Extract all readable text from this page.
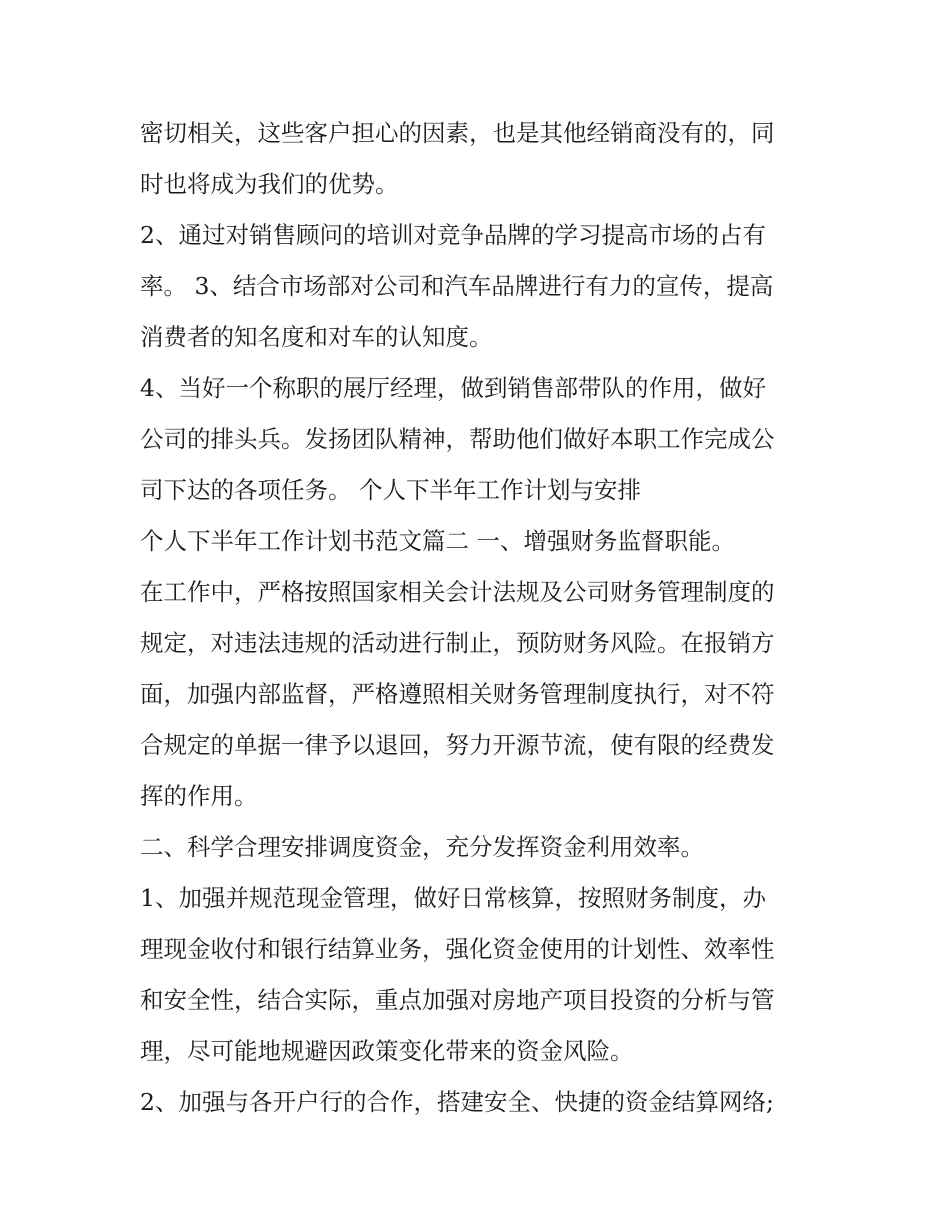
密切相关，这些客户担心的因素，也是其他经销商没有的，同
时也将成为我们的优势。
2、通过对销售顾问的培训对竞争品牌的学习提高市场的占有
率。 3、结合市场部对公司和汽车品牌进行有力的宣传，提高
消费者的知名度和对车的认知度。
4、当好一个称职的展厅经理，做到销售部带队的作用，做好
公司的排头兵。发扬团队精神，帮助他们做好本职工作完成公
司下达的各项任务。 个人下半年工作计划与安排
个人下半年工作计划书范文篇二 一、增强财务监督职能。
在工作中，严格按照国家相关会计法规及公司财务管理制度的
规定，对违法违规的活动进行制止，预防财务风险。在报销方
面，加强内部监督，严格遵照相关财务管理制度执行，对不符
合规定的单据一律予以退回，努力开源节流，使有限的经费发
挥的作用。
二、科学合理安排调度资金，充分发挥资金利用效率。
1、加强并规范现金管理，做好日常核算，按照财务制度，办
理现金收付和银行结算业务，强化资金使用的计划性、效率性
和安全性，结合实际，重点加强对房地产项目投资的分析与管
理，尽可能地规避因政策变化带来的资金风险。
2、加强与各开户行的合作，搭建安全、快捷的资金结算网络;
